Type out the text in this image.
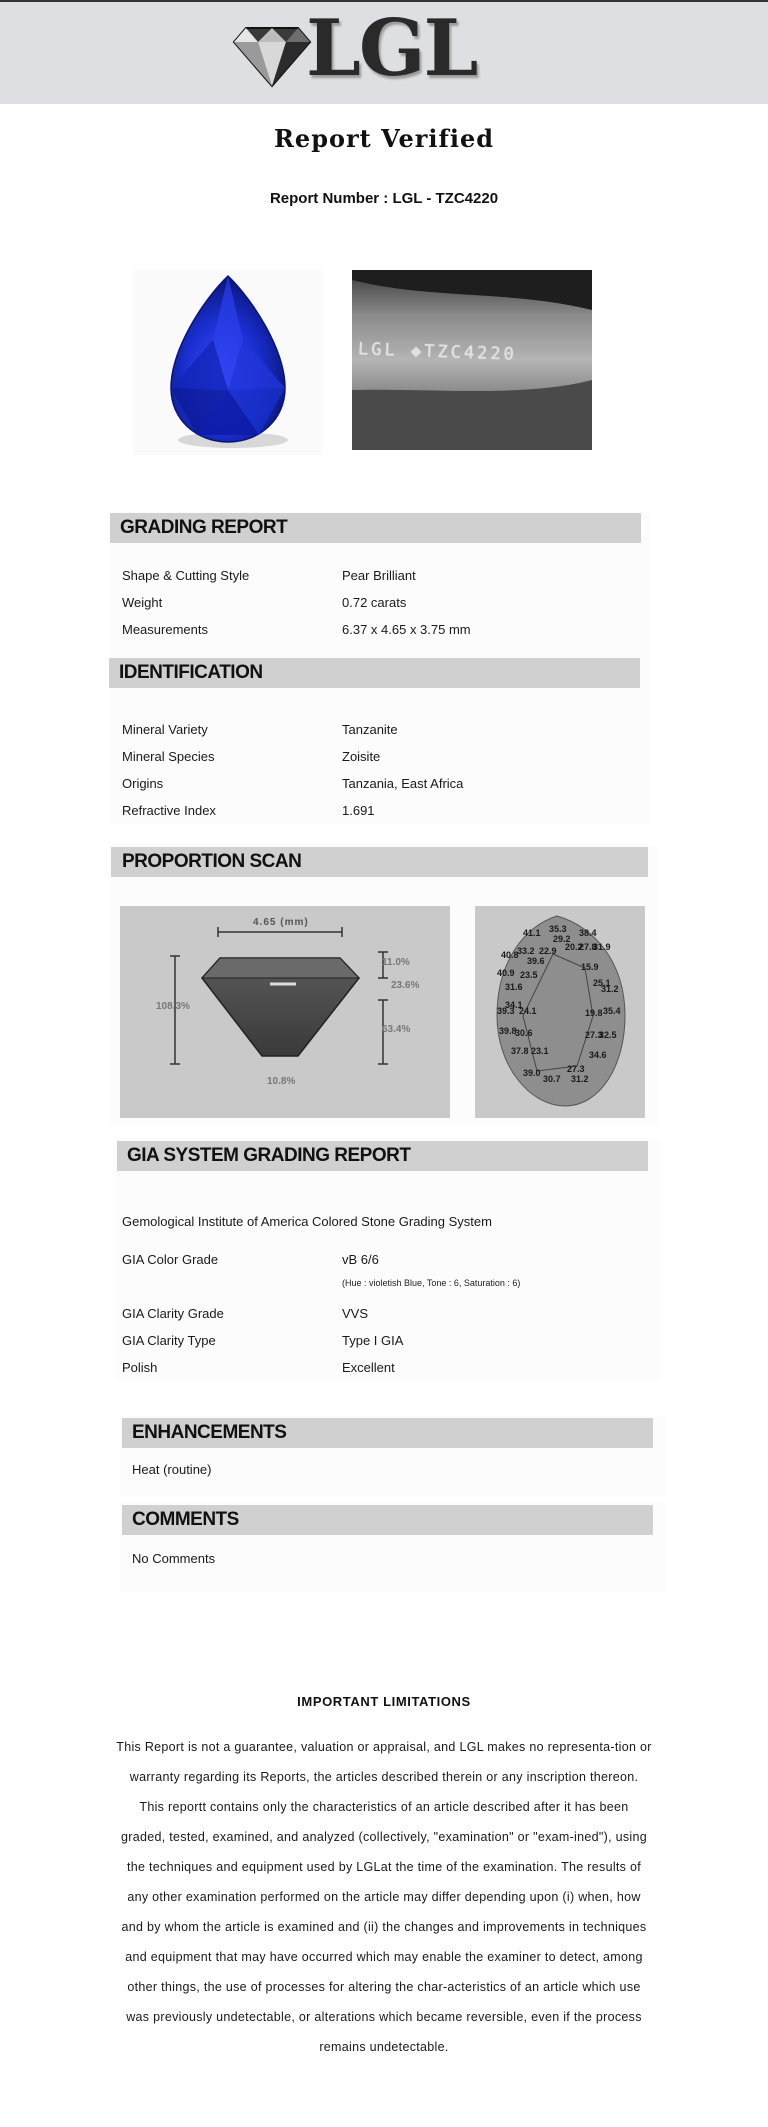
LGL
Report Verified
Report Number : LGL - TZC4220
LGL ◆TZC4220
GRADING REPORT
Shape & Cutting Style	Pear Brilliant
Weight	0.72 carats
Measurements	6.37 x 4.65 x 3.75 mm
IDENTIFICATION
Mineral Variety	Tanzanite
Mineral Species	Zoisite
Origins	Tanzania, East Africa
Refractive Index	1.691
PROPORTION SCAN
4.65 (mm)
108.3%
11.0%
23.6%
63.4%
10.8%
41.1 35.3 38.4
29.2
40.8
33.2 22.9 20.2
27.8
31.9
39.6
40.9 23.5
15.9
31.6	25.1
31.2
34.1
39.3 24.1	19.8 35.4
30.6
39.8	27.3
32.5
37.8 23.1	34.6
27.3
39.0
30.7 31.2
GIA SYSTEM GRADING REPORT
Gemological Institute of America Colored Stone Grading System
GIA Color Grade	vB 6/6
(Hue : violetish Blue, Tone : 6, Saturation : 6)
GIA Clarity Grade	VVS
GIA Clarity Type	Type I GIA
Polish	Excellent
ENHANCEMENTS
Heat (routine)
COMMENTS
No Comments
IMPORTANT LIMITATIONS
This Report is not a guarantee, valuation or appraisal, and LGL makes no representa-tion or warranty regarding its Reports, the articles described therein or any inscription thereon. This reportt contains only the characteristics of an article described after it has been graded, tested, examined, and analyzed (collectively, "examination" or "exam-ined"), using the techniques and equipment used by LGLat the time of the examination. The results of any other examination performed on the article may differ depending upon (i) when, how and by whom the article is examined and (ii) the changes and improvements in techniques and equipment that may have occurred which may enable the examiner to detect, among other things, the use of processes for altering the char-acteristics of an article which use was previously undetectable, or alterations which became reversible, even if the process remains undetectable.
